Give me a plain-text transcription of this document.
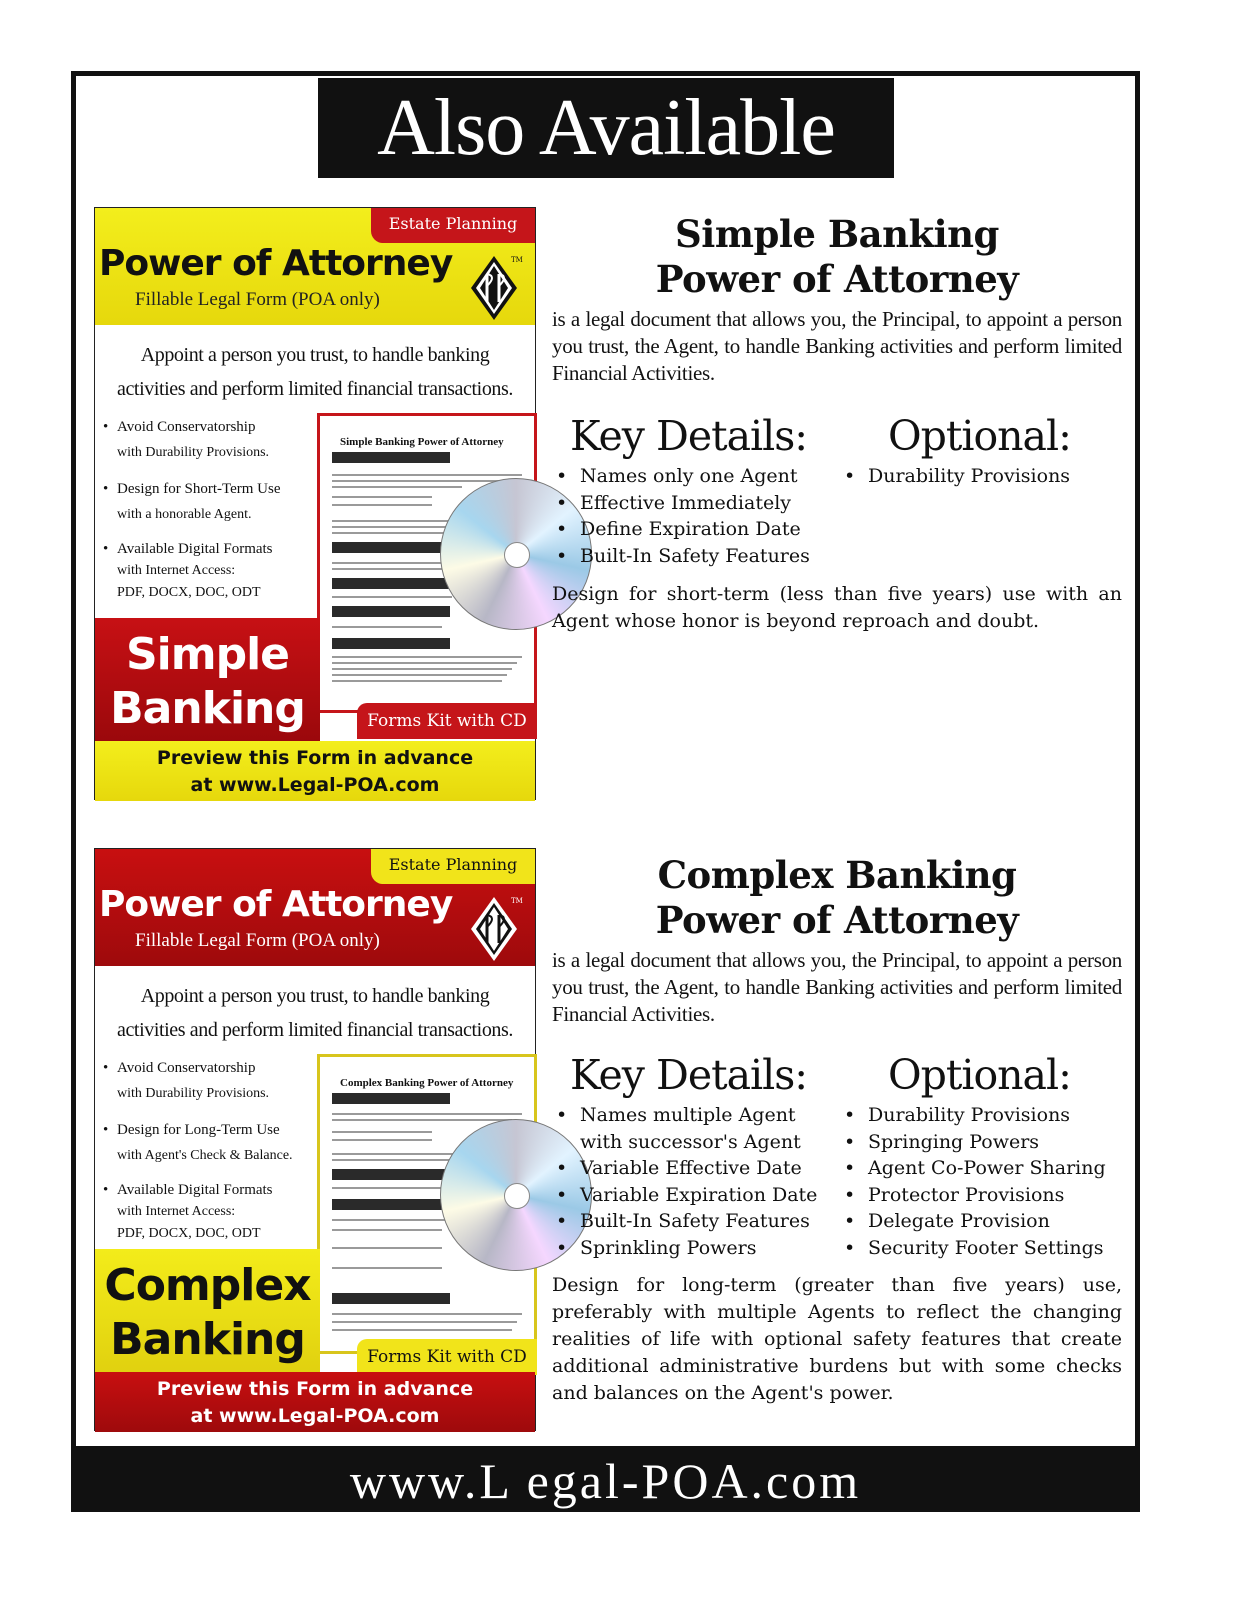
Also Available
Estate Planning
Power of Attorney
Fillable Legal Form (POA only)
TM
Appoint a person you trust, to handle banking
activities and perform limited financial transactions.
• Avoid Conservatorship
with Durability Provisions.
• Design for Short-Term Use
with a honorable Agent.
• Available Digital Formats
with Internet Access:
PDF, DOCX, DOC, ODT
Simple Banking Power of Attorney
Simple
Banking	Forms Kit with CD
Preview this Form in advance
at www.Legal-POA.com
Simple Banking
Power of Attorney

is a legal document that allows you, the Principal, to appoint a person you trust, the Agent, to handle Banking activities and perform limited Financial Activities.

Key Details:
• Names only one Agent
• Effective Immediately
• Define Expiration Date
• Built-In Safety Features
Optional:
• Durability Provisions

Design for short-term (less than five years) use with an Agent whose honor is beyond reproach and doubt.

Estate Planning
Power of Attorney
Fillable Legal Form (POA only)
TM
Appoint a person you trust, to handle banking
activities and perform limited financial transactions.
• Avoid Conservatorship
with Durability Provisions.
• Design for Long-Term Use
with Agent's Check & Balance.
• Available Digital Formats
with Internet Access:
PDF, DOCX, DOC, ODT
Complex Banking Power of Attorney
Complex
Banking	Forms Kit with CD
Preview this Form in advance
at www.Legal-POA.com
Complex Banking
Power of Attorney

is a legal document that allows you, the Principal, to appoint a person you trust, the Agent, to handle Banking activities and perform limited Financial Activities.

Key Details:
• Names multiple Agent
with successor's Agent
• Variable Effective Date
• Variable Expiration Date
• Built-In Safety Features
• Sprinkling Powers
Optional:
• Durability Provisions
• Springing Powers
• Agent Co-Power Sharing
• Protector Provisions
• Delegate Provision
• Security Footer Settings

Design for long-term (greater than five years) use, preferably with multiple Agents to reflect the changing realities of life with optional safety features that create additional administrative burdens but with some checks and balances on the Agent's power.

www.L egal-POA.com
